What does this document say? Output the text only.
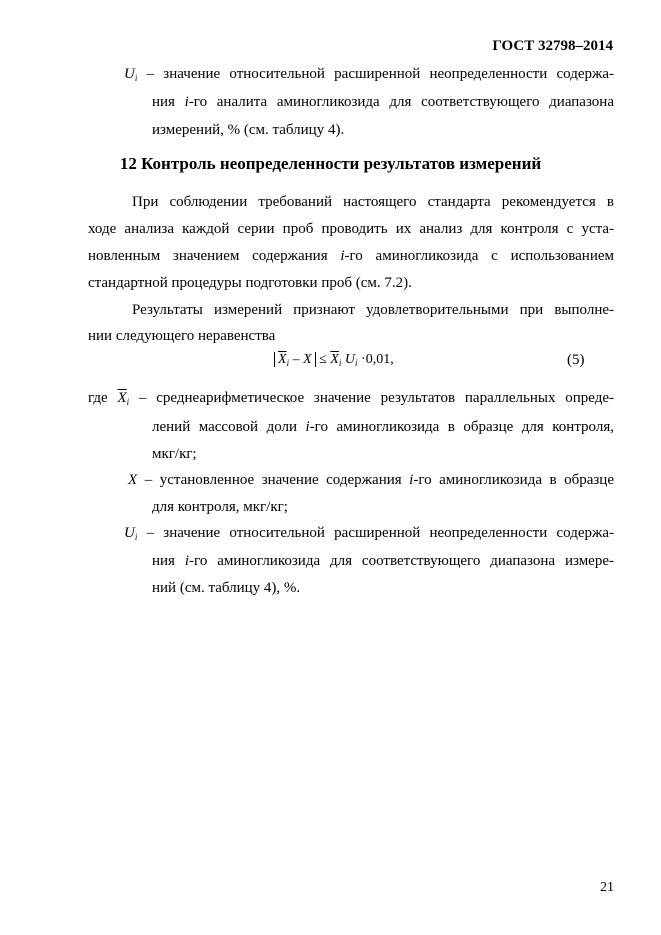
ГОСТ 32798–2014
$U_i$ – значение относительной расширенной неопределенности содержа-
ния i-го аналита аминогликозида для соответствующего диапазона
измерений, % (см. таблицу 4).
12 Контроль неопределенности результатов измерений
При соблюдении требований настоящего стандарта рекомендуется в
ходе анализа каждой серии проб проводить их анализ для контроля с уста-
новленным значением содержания i-го аминогликозида с использованием
стандартной процедуры подготовки проб (см. 7.2).
Результаты измерений признают удовлетворительными при выполне-
нии следующего неравенства
$\overline{X}_i - X \le \overline{X}_i$ $U_i \cdot 0,01$,	(5)
где $\overline{X}_i$ – среднеарифметическое значение результатов параллельных опреде-
лений массовой доли i-го аминогликозида в образце для контроля,
мкг/кг;
X – установленное значение содержания i-го аминогликозида в образце
для контроля, мкг/кг;
$U_i$ – значение относительной расширенной неопределенности содержа-
ния i-го аминогликозида для соответствующего диапазона измере-
ний (см. таблицу 4), %.
21
